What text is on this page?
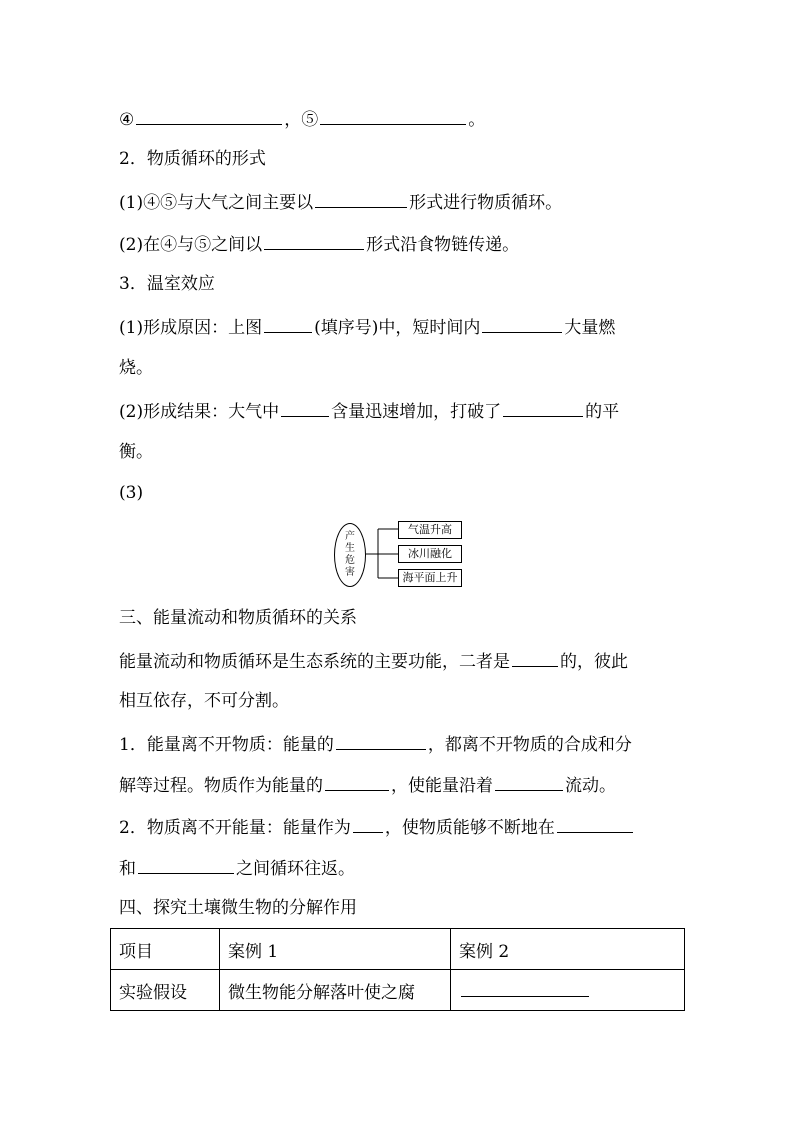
④	，⑤	。
2．物质循环的形式
(1)④⑤与大气之间主要以	形式进行物质循环。
(2)在④与⑤之间以	形式沿食物链传递。
3．温室效应
(1)形成原因：上图	(填序号)中，短时间内	大量燃
烧。
(2)形成结果：大气中	含量迅速增加，打破了	的平
衡。
(3)
产
生
危
害
气温升高
冰川融化
海平面上升
三、能量流动和物质循环的关系
能量流动和物质循环是生态系统的主要功能，二者是	的，彼此
相互依存，不可分割。
1．能量离不开物质：能量的	，都离不开物质的合成和分
解等过程。物质作为能量的	，使能量沿着	流动。
2．物质离不开能量：能量作为 ，使物质能够不断地在
和	之间循环往返。
四、探究土壤微生物的分解作用
项目	案例 1	案例 2
实验假设	微生物能分解落叶使之腐	
